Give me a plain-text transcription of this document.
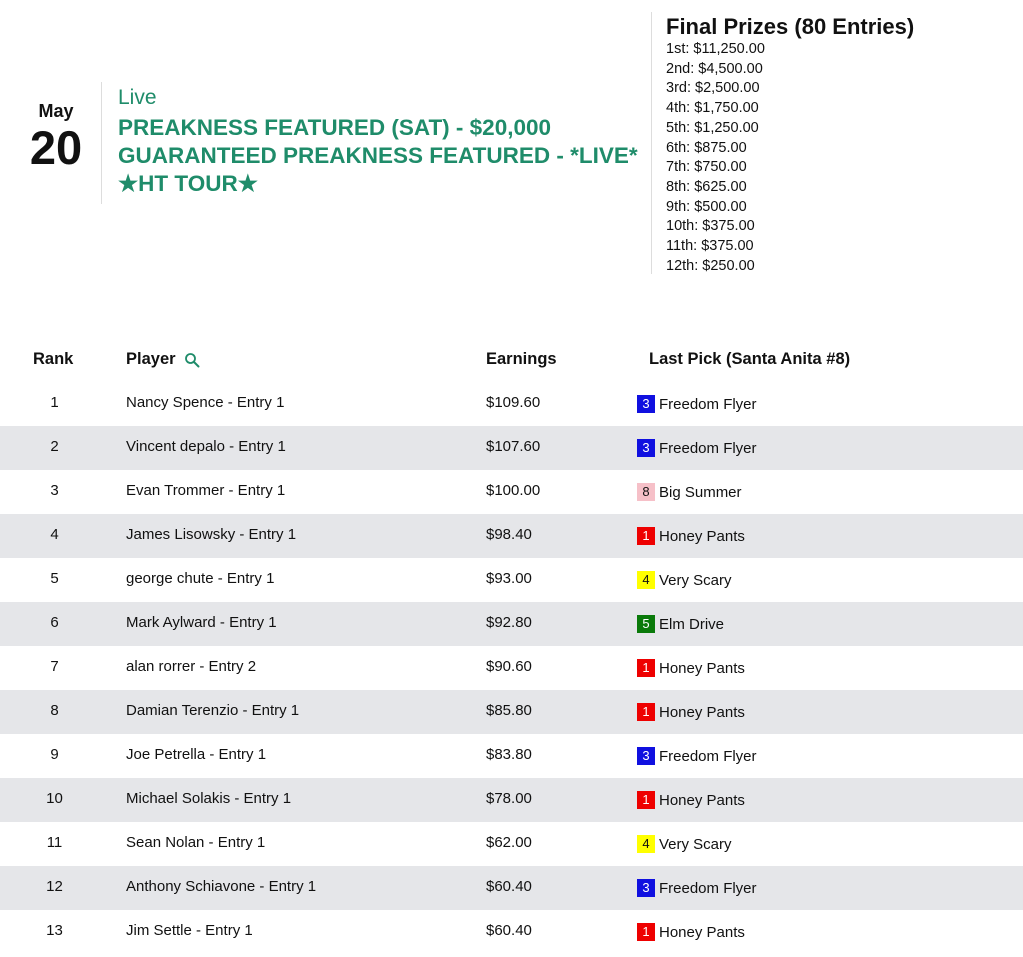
May
20
Live
PREAKNESS FEATURED (SAT) - $20,000 GUARANTEED PREAKNESS FEATURED - *LIVE* ★HT TOUR★
Final Prizes (80 Entries)
1st: $11,250.00
2nd: $4,500.00
3rd: $2,500.00
4th: $1,750.00
5th: $1,250.00
6th: $875.00
7th: $750.00
8th: $625.00
9th: $500.00
10th: $375.00
11th: $375.00
12th: $250.00
Rank	Player	Earnings	Last Pick (Santa Anita #8)
1	Nancy Spence - Entry 1	$109.60	3 Freedom Flyer
2	Vincent depalo - Entry 1	$107.60	3 Freedom Flyer
3	Evan Trommer - Entry 1	$100.00	8 Big Summer
4	James Lisowsky - Entry 1	$98.40	1 Honey Pants
5	george chute - Entry 1	$93.00	4 Very Scary
6	Mark Aylward - Entry 1	$92.80	5 Elm Drive
7	alan rorrer - Entry 2	$90.60	1 Honey Pants
8	Damian Terenzio - Entry 1	$85.80	1 Honey Pants
9	Joe Petrella - Entry 1	$83.80	3 Freedom Flyer
10	Michael Solakis - Entry 1	$78.00	1 Honey Pants
11	Sean Nolan - Entry 1	$62.00	4 Very Scary
12	Anthony Schiavone - Entry 1	$60.40	3 Freedom Flyer
13	Jim Settle - Entry 1	$60.40	1 Honey Pants
